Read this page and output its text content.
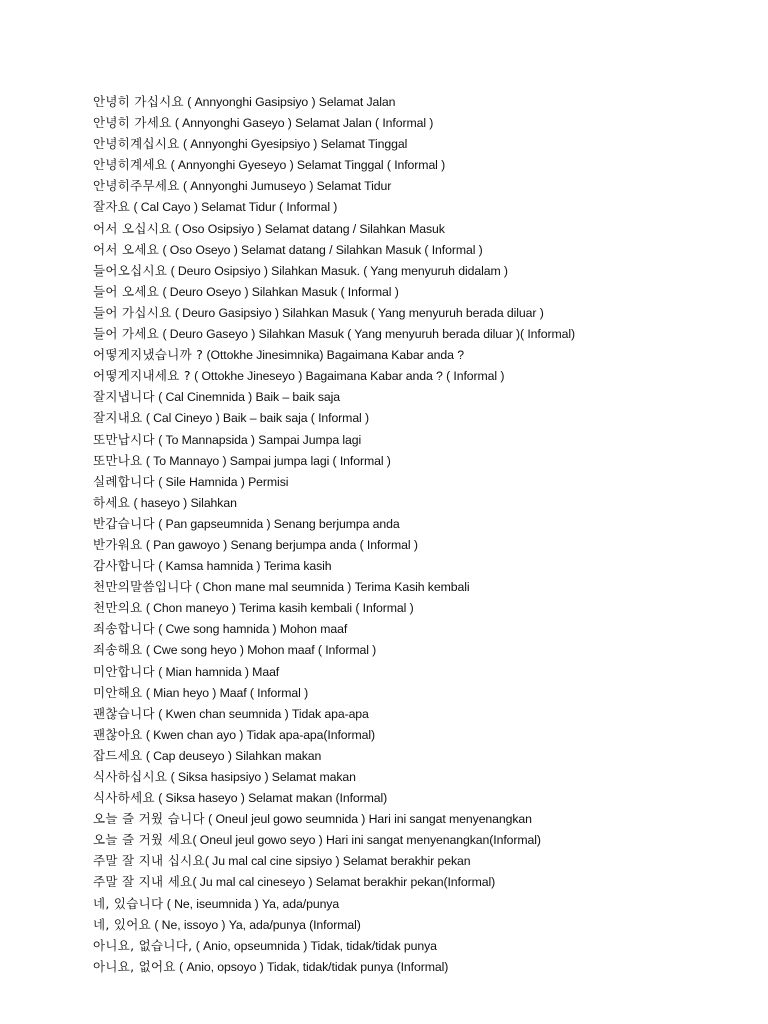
안녕히 가십시요 ( Annyonghi Gasipsiyo ) Selamat Jalan
안녕히 가세요 ( Annyonghi Gaseyo ) Selamat Jalan ( Informal )
안녕히계십시요 ( Annyonghi Gyesipsiyo ) Selamat Tinggal
안녕히계세요 ( Annyonghi Gyeseyo ) Selamat Tinggal ( Informal )
안녕히주무세요 ( Annyonghi Jumuseyo ) Selamat Tidur
잘자요 ( Cal Cayo ) Selamat Tidur ( Informal )
어서 오십시요 ( Oso Osipsiyo ) Selamat datang / Silahkan Masuk
어서 오세요 ( Oso Oseyo ) Selamat datang / Silahkan Masuk ( Informal )
들어오십시요 ( Deuro Osipsiyo ) Silahkan Masuk. ( Yang menyuruh didalam )
들어 오세요 ( Deuro Oseyo ) Silahkan Masuk ( Informal )
들어 가십시요 ( Deuro Gasipsiyo ) Silahkan Masuk ( Yang menyuruh berada diluar )
들어 가세요 ( Deuro Gaseyo ) Silahkan Masuk ( Yang menyuruh berada diluar )( Informal)
어떻게지냈습니까 ? (Ottokhe Jinesimnika) Bagaimana Kabar anda ?
어떻게지내세요 ? ( Ottokhe Jineseyo ) Bagaimana Kabar anda ? ( Informal )
잘지냅니다 ( Cal Cinemnida ) Baik – baik saja
잘지내요 ( Cal Cineyo ) Baik – baik saja ( Informal )
또만납시다 ( To Mannapsida ) Sampai Jumpa lagi
또만나요 ( To Mannayo ) Sampai jumpa lagi ( Informal )
실례합니다 ( Sile Hamnida ) Permisi
하세요 ( haseyo ) Silahkan
반갑습니다 ( Pan gapseumnida ) Senang berjumpa anda
반가워요 ( Pan gawoyo ) Senang berjumpa anda ( Informal )
감사합니다 ( Kamsa hamnida ) Terima kasih
천만의말씀입니다 ( Chon mane mal seumnida ) Terima Kasih kembali
천만의요 ( Chon maneyo ) Terima kasih kembali ( Informal )
죄송합니다 ( Cwe song hamnida ) Mohon maaf
죄송해요 ( Cwe song heyo ) Mohon maaf ( Informal )
미안합니다 ( Mian hamnida ) Maaf
미안해요 ( Mian heyo ) Maaf ( Informal )
괜찮습니다 ( Kwen chan seumnida ) Tidak apa-apa
괜찮아요 ( Kwen chan ayo ) Tidak apa-apa(Informal)
잡드세요 ( Cap deuseyo ) Silahkan makan
식사하십시요 ( Siksa hasipsiyo ) Selamat makan
식사하세요 ( Siksa haseyo ) Selamat makan (Informal)
오늘 즐 거웠 습니다 ( Oneul jeul gowo seumnida ) Hari ini sangat menyenangkan
오늘 즐 거웠 세요( Oneul jeul gowo seyo ) Hari ini sangat menyenangkan(Informal)
주말 잘 지내 십시요( Ju mal cal cine sipsiyo ) Selamat berakhir pekan
주말 잘 지내 세요( Ju mal cal cineseyo ) Selamat berakhir pekan(Informal)
네, 있습니다 ( Ne, iseumnida ) Ya, ada/punya
네, 있어요 ( Ne, issoyo ) Ya, ada/punya (Informal)
아니요, 없습니다, ( Anio, opseumnida ) Tidak, tidak/tidak punya
아니요, 없어요 ( Anio, opsoyo ) Tidak, tidak/tidak punya (Informal)
